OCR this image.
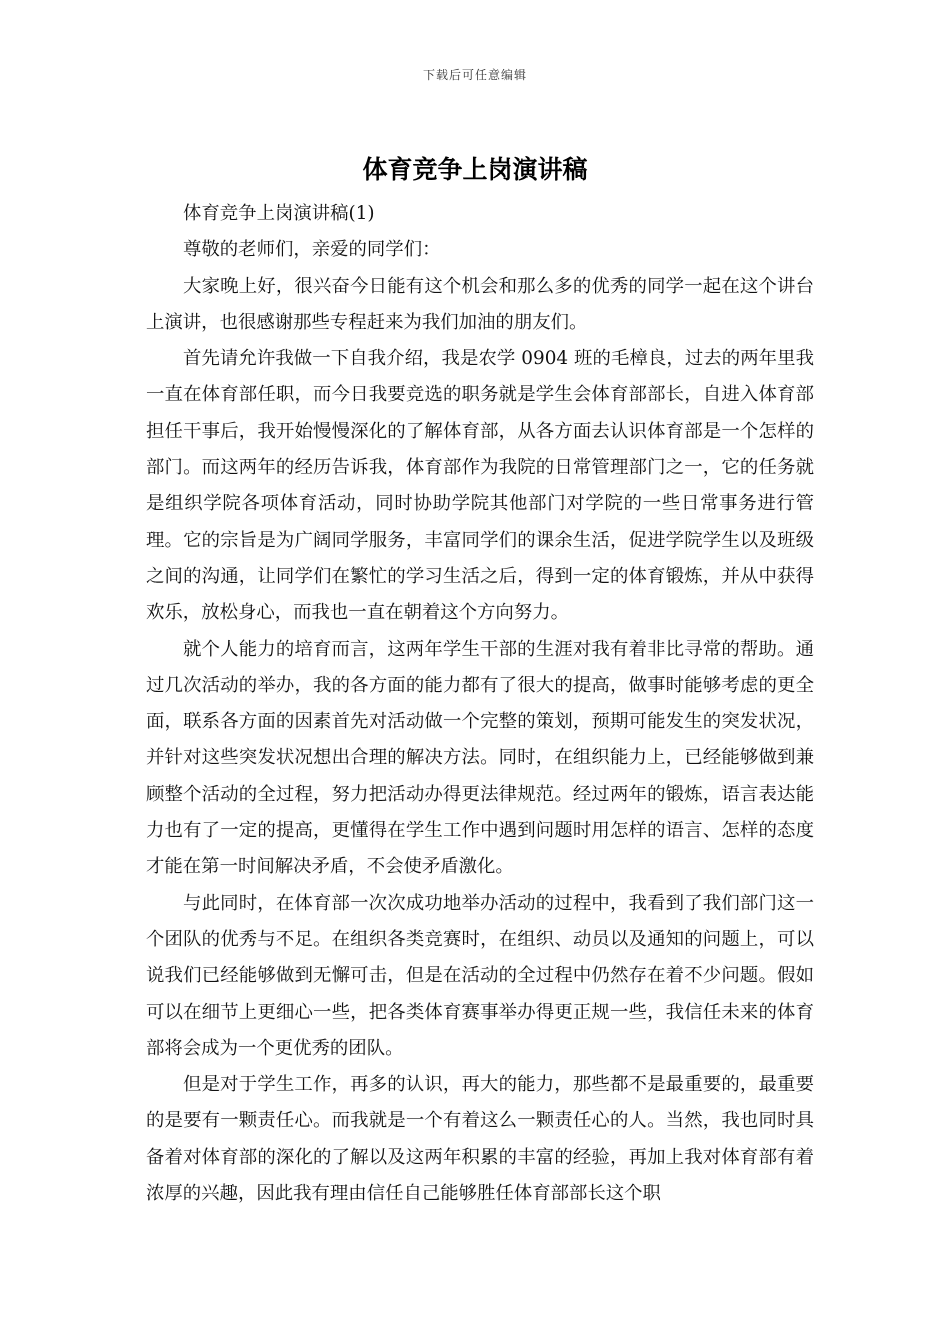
下载后可任意编辑
体育竞争上岗演讲稿

体育竞争上岗演讲稿(1)

尊敬的老师们，亲爱的同学们：

大家晚上好，很兴奋今日能有这个机会和那么多的优秀的同学一起在这个讲台上演讲，也很感谢那些专程赶来为我们加油的朋友们。

首先请允许我做一下自我介绍，我是农学 0904 班的毛樟良，过去的两年里我一直在体育部任职，而今日我要竞选的职务就是学生会体育部部长，自进入体育部担任干事后，我开始慢慢深化的了解体育部，从各方面去认识体育部是一个怎样的部门。而这两年的经历告诉我，体育部作为我院的日常管理部门之一，它的任务就是组织学院各项体育活动，同时协助学院其他部门对学院的一些日常事务进行管理。它的宗旨是为广阔同学服务，丰富同学们的课余生活，促进学院学生以及班级之间的沟通，让同学们在繁忙的学习生活之后，得到一定的体育锻炼，并从中获得欢乐，放松身心，而我也一直在朝着这个方向努力。

就个人能力的培育而言，这两年学生干部的生涯对我有着非比寻常的帮助。通过几次活动的举办，我的各方面的能力都有了很大的提高，做事时能够考虑的更全面，联系各方面的因素首先对活动做一个完整的策划，预期可能发生的突发状况，并针对这些突发状况想出合理的解决方法。同时，在组织能力上，已经能够做到兼顾整个活动的全过程，努力把活动办得更法律规范。经过两年的锻炼，语言表达能力也有了一定的提高，更懂得在学生工作中遇到问题时用怎样的语言、怎样的态度才能在第一时间解决矛盾，不会使矛盾激化。

与此同时，在体育部一次次成功地举办活动的过程中，我看到了我们部门这一个团队的优秀与不足。在组织各类竞赛时，在组织、动员以及通知的问题上，可以说我们已经能够做到无懈可击，但是在活动的全过程中仍然存在着不少问题。假如可以在细节上更细心一些，把各类体育赛事举办得更正规一些，我信任未来的体育部将会成为一个更优秀的团队。

但是对于学生工作，再多的认识，再大的能力，那些都不是最重要的，最重要的是要有一颗责任心。而我就是一个有着这么一颗责任心的人。当然，我也同时具备着对体育部的深化的了解以及这两年积累的丰富的经验，再加上我对体育部有着浓厚的兴趣，因此我有理由信任自己能够胜任体育部部长这个职
